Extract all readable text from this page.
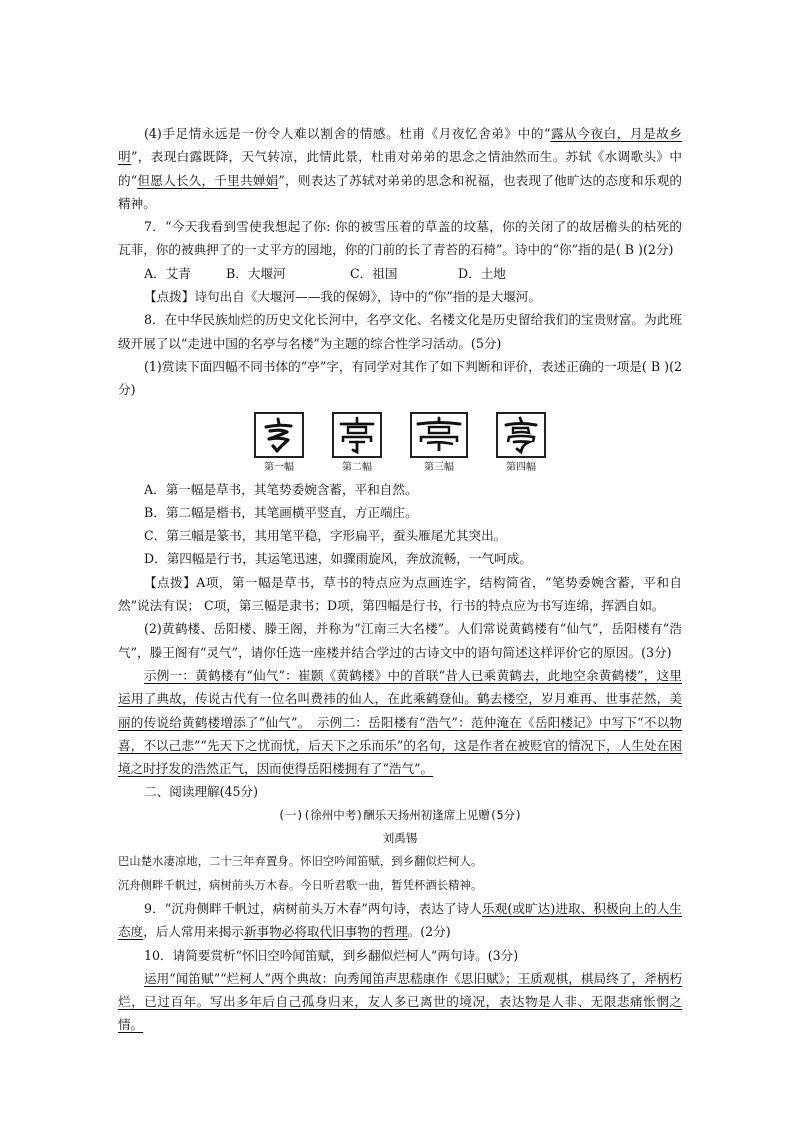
(4)手足情永远是一份令人难以割舍的情感。杜甫《月夜忆舍弟》中的“露从今夜白，月是故乡明”，表现白露既降，天气转凉，此情此景，杜甫对弟弟的思念之情油然而生。苏轼《水调歌头》中的“但愿人长久，千里共婵娟”，则表达了苏轼对弟弟的思念和祝福，也表现了他旷达的态度和乐观的精神。

7．“今天我看到雪使我想起了你: 你的被雪压着的草盖的坟墓，你的关闭了的故居檐头的枯死的瓦菲，你的被典押了的一丈平方的园地，你的门前的长了青苔的石椅”。诗中的“你”指的是( B )(2分)

A．艾青	B．大堰河	C．祖国	D．土地

【点拨】诗句出自《大堰河——我的保姆》，诗中的“你”指的是大堰河。

8．在中华民族灿烂的历史文化长河中，名亭文化、名楼文化是历史留给我们的宝贵财富。为此班级开展了以“走进中国的名亭与名楼”为主题的综合性学习活动。(5分)

(1)赏读下面四幅不同书体的“亭”字，有同学对其作了如下判断和评价，表述正确的一项是( B )(2分)

第一幅	第二幅	第三幅	第四幅

A．第一幅是草书，其笔势委婉含蓄，平和自然。

B．第二幅是楷书，其笔画横平竖直，方正端庄。

C．第三幅是篆书，其用笔平稳，字形扁平，蚕头雁尾尤其突出。

D．第四幅是行书，其运笔迅速，如骤雨旋风，奔放流畅，一气呵成。

【点拨】A项，第一幅是草书，草书的特点应为点画连字，结构简省，“笔势委婉含蓄，平和自然”说法有误； C项，第三幅是隶书；D项，第四幅是行书，行书的特点应为书写连绵，挥洒自如。

(2)黄鹤楼、岳阳楼、滕王阁，并称为“江南三大名楼”。人们常说黄鹤楼有“仙气”，岳阳楼有“浩气”，滕王阁有“灵气”，请你任选一座楼并结合学过的古诗文中的语句简述这样评价它的原因。(3分)

示例一：黄鹤楼有“仙气”：崔颢《黄鹤楼》中的首联“昔人已乘黄鹤去，此地空余黄鹤楼”，这里运用了典故，传说古代有一位名叫费祎的仙人，在此乘鹤登仙。鹤去楼空，岁月难再、世事茫然，美丽的传说给黄鹤楼增添了“仙气”。　示例二：岳阳楼有“浩气”：范仲淹在《岳阳楼记》中写下“不以物喜，不以己悲”“先天下之忧而忧，后天下之乐而乐”的名句，这是作者在被贬官的情况下，人生处在困境之时抒发的浩然正气，因而使得岳阳楼拥有了“浩气”。

二、阅读理解(45分)

(一)(徐州中考)酬乐天扬州初逢席上见赠(5分)

刘禹锡

巴山楚水凄凉地，二十三年弃置身。怀旧空吟闻笛赋，到乡翻似烂柯人。

沉舟侧畔千帆过，病树前头万木春。今日听君歌一曲，暂凭杯酒长精神。

9．“沉舟侧畔千帆过，病树前头万木春”两句诗，表达了诗人乐观(或旷达)进取、积极向上的人生态度，后人常用来揭示新事物必将取代旧事物的哲理。(2分)

10．请简要赏析“怀旧空吟闻笛赋，到乡翻似烂柯人”两句诗。(3分)

运用“闻笛赋”“烂柯人”两个典故：向秀闻笛声思嵇康作《思旧赋》；王质观棋，棋局终了，斧柄朽烂，已过百年。写出多年后自己孤身归来，友人多已离世的境况，表达物是人非、无限悲痛怅惘之情。
